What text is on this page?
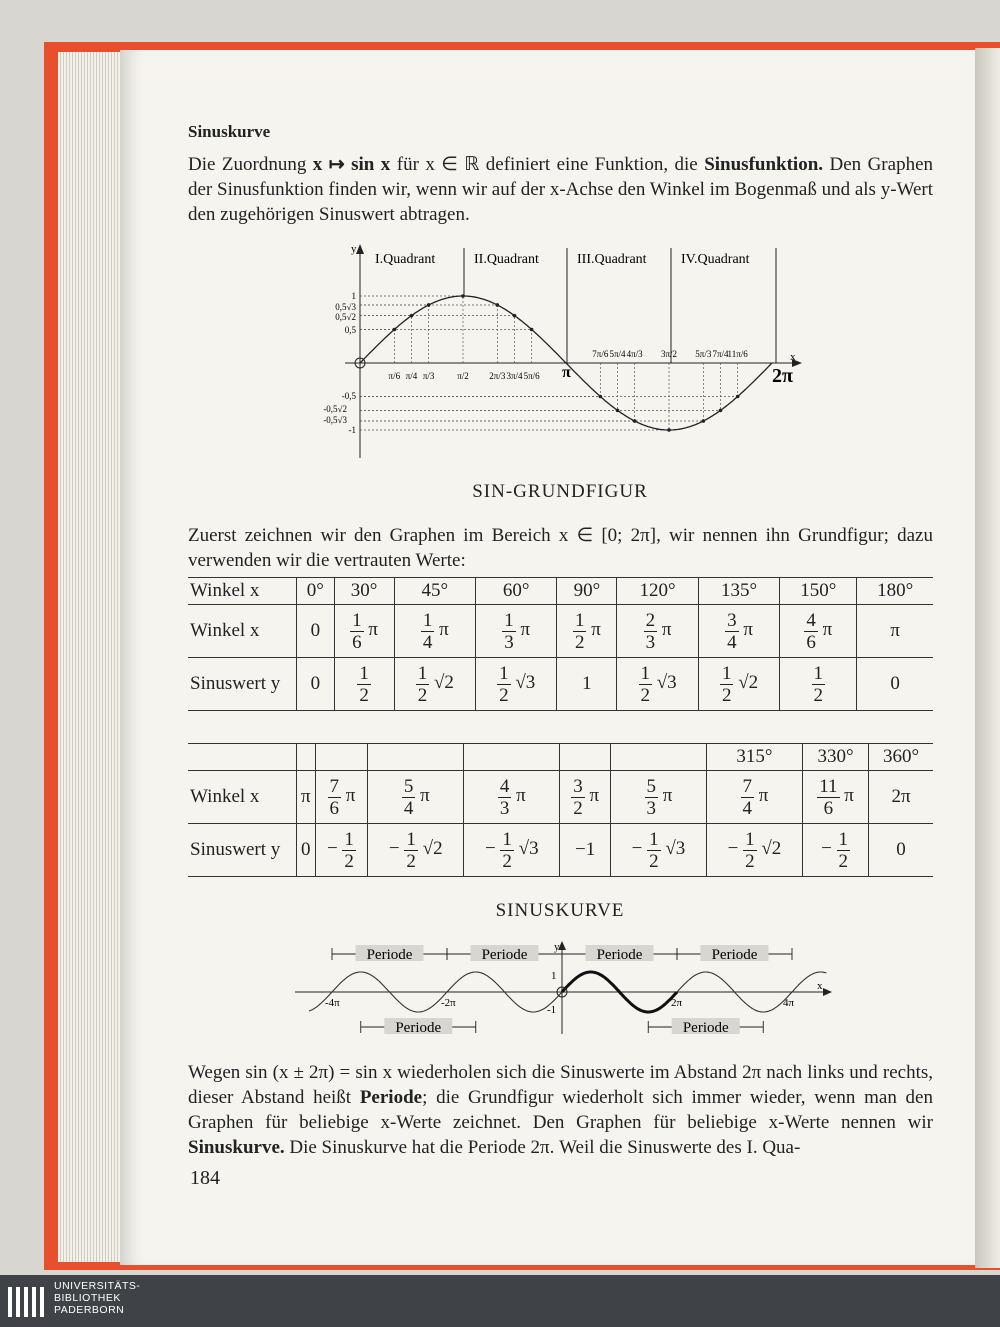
Sinuskurve
Die Zuordnung x ↦ sin x für x ∈ ℝ definiert eine Funktion, die Sinusfunktion. Den Graphen der Sinusfunktion finden wir, wenn wir auf der x-Achse den Winkel im Bogenmaß und als y-Wert den zugehörigen Sinuswert abtragen.
I.Quadrant	II.Quadrant	III.Quadrant IV.Quadrant
y
x
1
0,5√3
0,5√2
0,5
-0,5
-0,5√2
-0,5√3
-1
π/6 π/4 π/3	π/2 2π/3 3π/4 5π/6
7π/6 5π/4 4π/3 3π/2 5π/3 7π/4 11π/6
π	2π
SIN-GRUNDFIGUR
Zuerst zeichnen wir den Graphen im Bereich x ∈ [0; 2π], wir nennen ihn Grundfigur; dazu verwenden wir die vertrauten Werte:
Winkel x	0°	30°	45°	60°	90°	120°	135°	150°	180°
Winkel x	0	$\frac{1}{6}$ π	$\frac{1}{4}$ π	$\frac{1}{3}$ π	$\frac{1}{2}$ π	$\frac{2}{3}$ π	$\frac{3}{4}$ π	$\frac{4}{6}$ π	π
Sinuswert y	0	$\frac{1}{2}$	$\frac{1}{2} √2$	$\frac{1}{2} √3$	1	$\frac{1}{2} √3$	$\frac{1}{2} √2$	$\frac{1}{2}$	0
							315°	330°	360°
Winkel x	π	$\frac{7}{6}$ π	$\frac{5}{4}$ π	$\frac{4}{3}$ π	$\frac{3}{2}$ π	$\frac{5}{3}$ π	$\frac{7}{4}$ π	$\frac{11}{6}$ π	2π
Sinuswert y	0	− $\frac{1}{2}$	− $\frac{1}{2} √2$	− $\frac{1}{2} √3$	−1	− $\frac{1}{2} √3$	− $\frac{1}{2} √2$	− $\frac{1}{2}$	0
SINUSKURVE
Periode	Periode	Periode	Periode
Periode	Periode
-4π	-2π	2π	4π
1
-1
y
x
Wegen sin (x ± 2π) = sin x wiederholen sich die Sinuswerte im Abstand 2π nach links und rechts, dieser Abstand heißt Periode; die Grundfigur wiederholt sich immer wieder, wenn man den Graphen für beliebige x-Werte zeichnet. Den Graphen für beliebige x-Werte nennen wir Sinuskurve. Die Sinuskurve hat die Periode 2π. Weil die Sinuswerte des I. Qua-
184
UNIVERSITÄTS-
BIBLIOTHEK
PADERBORN
